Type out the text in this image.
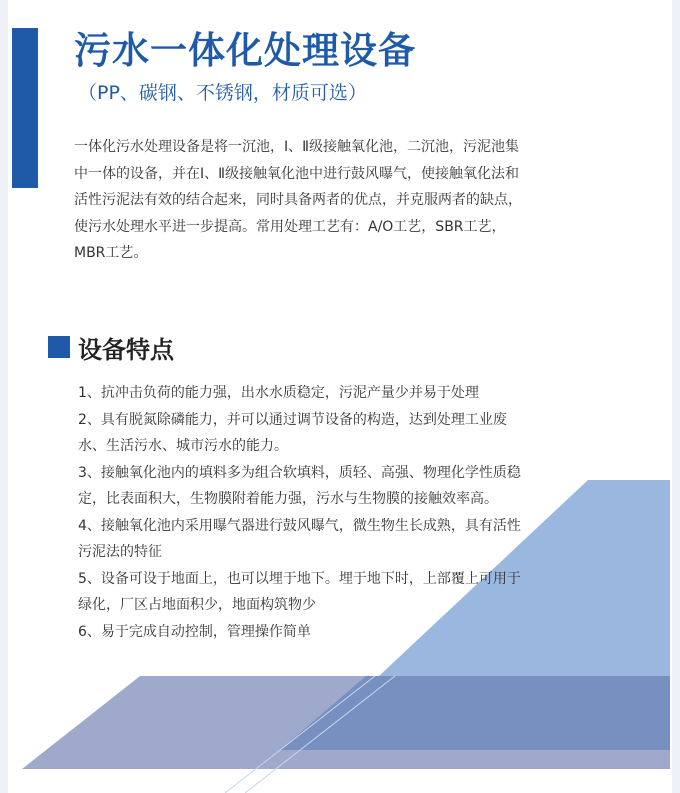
污水一体化处理设备
（PP、碳钢、不锈钢，材质可选）

一体化污水处理设备是将一沉池，Ⅰ、Ⅱ级接触氧化池，二沉池，污泥池集中一体的设备，并在Ⅰ、Ⅱ级接触氧化池中进行鼓风曝气，使接触氧化法和活性污泥法有效的结合起来，同时具备两者的优点，并克服两者的缺点，使污水处理水平进一步提高。常用处理工艺有：A/O工艺，SBR工艺，MBR工艺。

设备特点
1、抗冲击负荷的能力强，出水水质稳定，污泥产量少并易于处理
2、具有脱氮除磷能力，并可以通过调节设备的构造，达到处理工业废水、生活污水、城市污水的能力。
3、接触氧化池内的填料多为组合软填料，质轻、高强、物理化学性质稳定，比表面积大，生物膜附着能力强，污水与生物膜的接触效率高。
4、接触氧化池内采用曝气器进行鼓风曝气，微生物生长成熟，具有活性污泥法的特征
5、设备可设于地面上，也可以埋于地下。埋于地下时，上部覆上可用于绿化，厂区占地面积少，地面构筑物少
6、易于完成自动控制，管理操作简单
